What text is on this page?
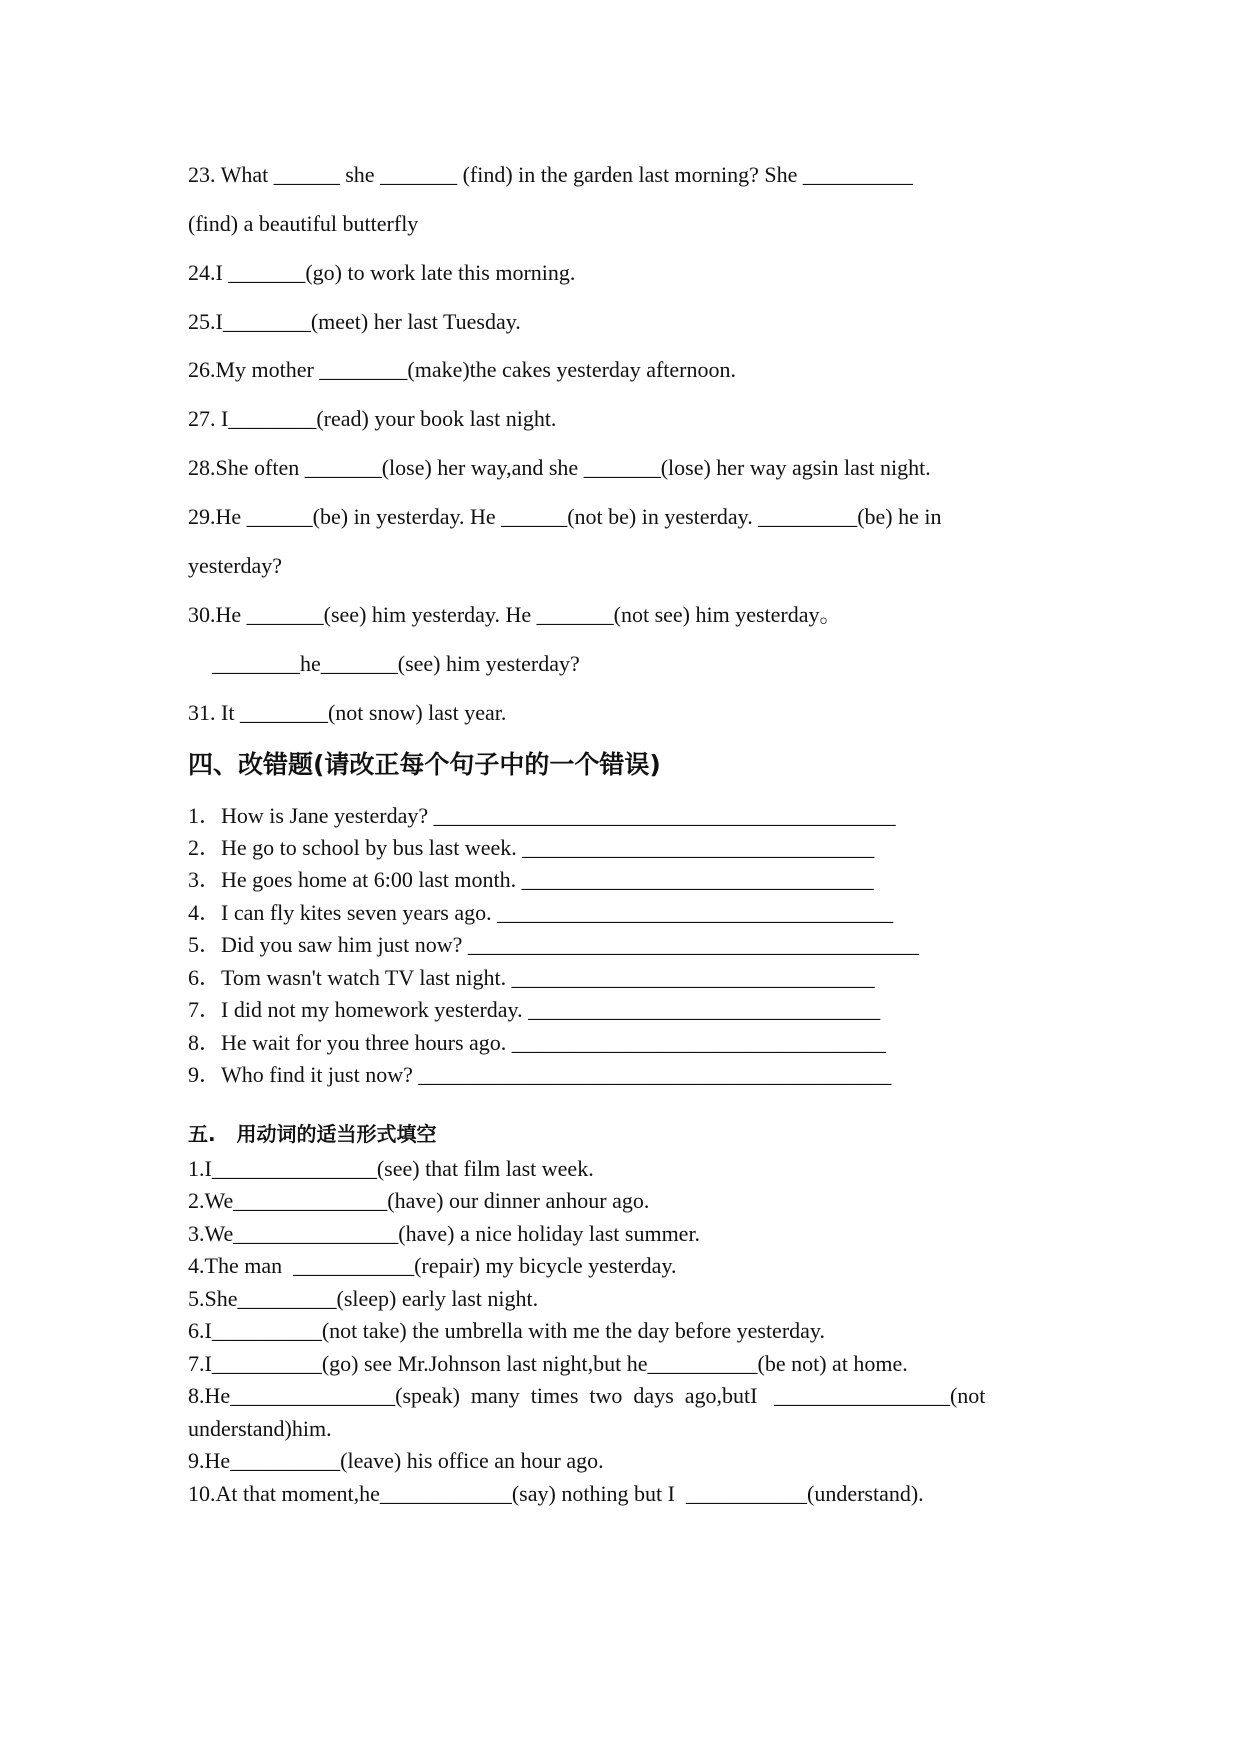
23. What ______ she _______ (find) in the garden last morning? She __________
(find) a beautiful butterfly
24.I _______(go) to work late this morning.
25.I________(meet) her last Tuesday.
26.My mother ________(make)the cakes yesterday afternoon.
27. I________(read) your book last night.
28.She often _______(lose) her way,and she _______(lose) her way agsin last night.
29.He ______(be) in yesterday. He ______(not be) in yesterday. _________(be) he in
yesterday?
30.He _______(see) him yesterday. He _______(not see) him yesterday。
________he_______(see) him yesterday?
31. It ________(not snow) last year.
四、改错题(请改正每个句子中的一个错误)
1．How is Jane yesterday? __________________________________________
2．He go to school by bus last week. ________________________________
3．He goes home at 6:00 last month. ________________________________
4．I can fly kites seven years ago. ____________________________________
5．Did you saw him just now? _________________________________________
6．Tom wasn't watch TV last night. _________________________________
7．I did not my homework yesterday. ________________________________
8．He wait for you three hours ago. __________________________________
9．Who find it just now? ___________________________________________
五.   用动词的适当形式填空
1.I_______________(see) that film last week.
2.We______________(have) our dinner anhour ago.
3.We_______________(have) a nice holiday last summer.
4.The man  ___________(repair) my bicycle yesterday.
5.She_________(sleep) early last night.
6.I__________(not take) the umbrella with me the day before yesterday.
7.I__________(go) see Mr.Johnson last night,but he__________(be not) at home.
8.He_______________(speak)  many  times  two  days  ago,butI   ________________(not
understand)him.
9.He__________(leave) his office an hour ago.
10.At that moment,he____________(say) nothing but I  ___________(understand).
